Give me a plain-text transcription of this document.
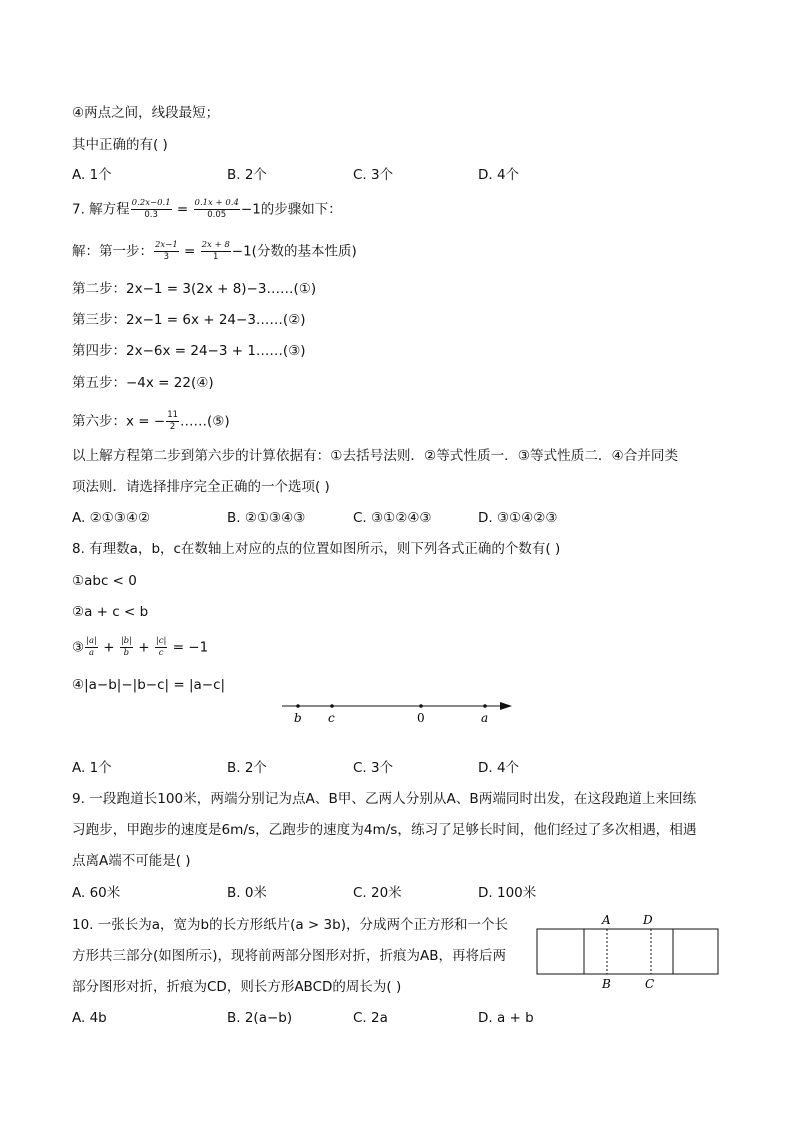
④两点之间，线段最短；
其中正确的有( )
A. 1个	B. 2个	C. 3个	D. 4个
7. 解方程 $\frac{0.2x-0.1}{0.3} = \frac{0.1x + 0.4}{0.05} -1$的步骤如下：
解：第一步： $\frac{2x-1}{3} = \frac{2x + 8}{1} -1$(分数的基本性质)
第二步：2x−1 = 3(2x + 8)−3……(①)
第三步：2x−1 = 6x + 24−3……(②)
第四步：2x−6x = 24−3 + 1……(③)
第五步：−4x = 22(④)
第六步：x = − $\frac{11}{2}$ ……(⑤)
以上解方程第二步到第六步的计算依据有：①去括号法则．②等式性质一．③等式性质二．④合并同类
项法则．请选择排序完全正确的一个选项( )
A. ②①③④②	B. ②①③④③	C. ③①②④③	D. ③①④②③
8. 有理数a，b，c在数轴上对应的点的位置如图所示，则下列各式正确的个数有( )
①abc < 0
②a + c < b
③ $\frac{|a|}{a} + \frac{|b|}{b} + \frac{|c|}{c} = -1$
④|a−b|−|b−c| = |a−c|
b c	0	a
A. 1个	B. 2个	C. 3个	D. 4个
9. 一段跑道长100米，两端分别记为点A、B甲、乙两人分别从A、B两端同时出发，在这段跑道上来回练
习跑步，甲跑步的速度是6m/s，乙跑步的速度为4m/s，练习了足够长时间，他们经过了多次相遇，相遇
点离A端不可能是( )
A. 60米	B. 0米	C. 20米	D. 100米
10. 一张长为a，宽为b的长方形纸片(a > 3b)，分成两个正方形和一个长
方形共三部分(如图所示)，现将前两部分图形对折，折痕为AB，再将后两
部分图形对折，折痕为CD，则长方形ABCD的周长为( )
A	D
B	C
A. 4b	B. 2(a−b)	C. 2a	D. a + b
